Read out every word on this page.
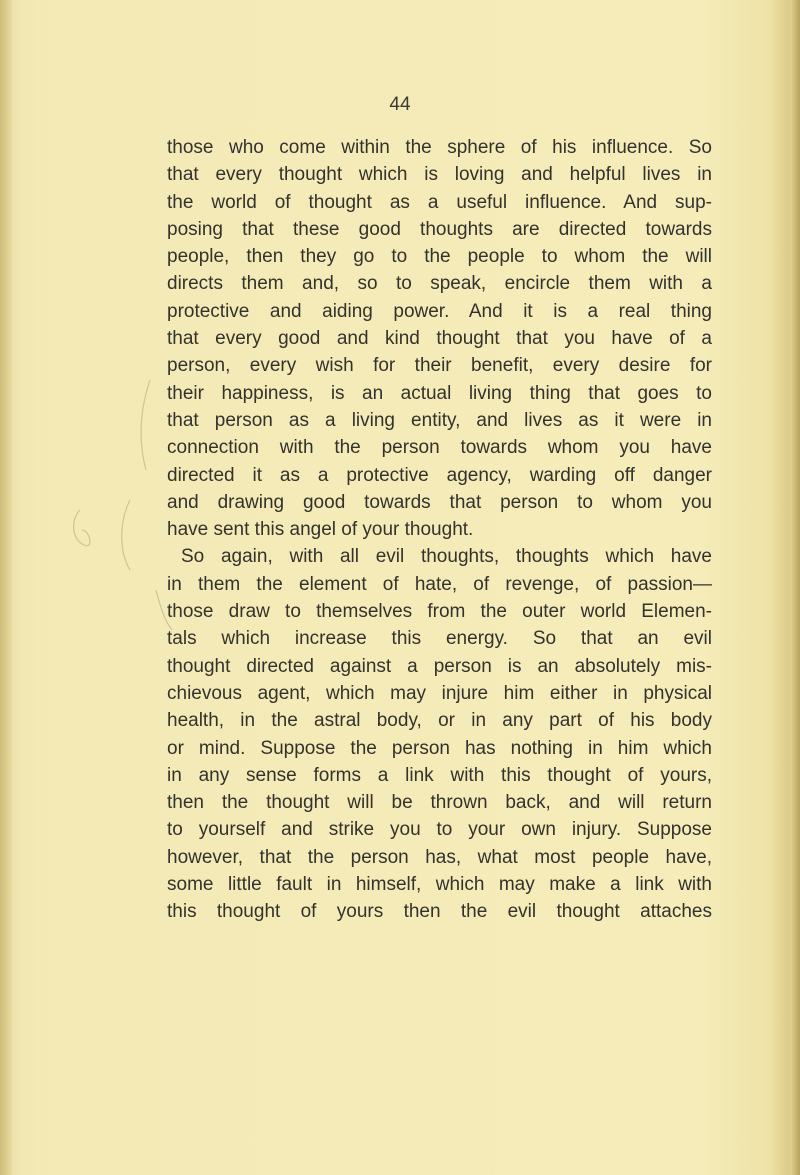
44
those who come within the sphere of his influence. So
that every thought which is loving and helpful lives in
the world of thought as a useful influence. And sup-
posing that these good thoughts are directed towards
people, then they go to the people to whom the will
directs them and, so to speak, encircle them with a
protective and aiding power. And it is a real thing
that every good and kind thought that you have of a
person, every wish for their benefit, every desire for
their happiness, is an actual living thing that goes to
that person as a living entity, and lives as it were in
connection with the person towards whom you have
directed it as a protective agency, warding off danger
and drawing good towards that person to whom you
have sent this angel of your thought.
So again, with all evil thoughts, thoughts which have
in them the element of hate, of revenge, of passion—
those draw to themselves from the outer world Elemen-
tals which increase this energy. So that an evil
thought directed against a person is an absolutely mis-
chievous agent, which may injure him either in physical
health, in the astral body, or in any part of his body
or mind. Suppose the person has nothing in him which
in any sense forms a link with this thought of yours,
then the thought will be thrown back, and will return
to yourself and strike you to your own injury. Suppose
however, that the person has, what most people have,
some little fault in himself, which may make a link with
this thought of yours then the evil thought attaches
